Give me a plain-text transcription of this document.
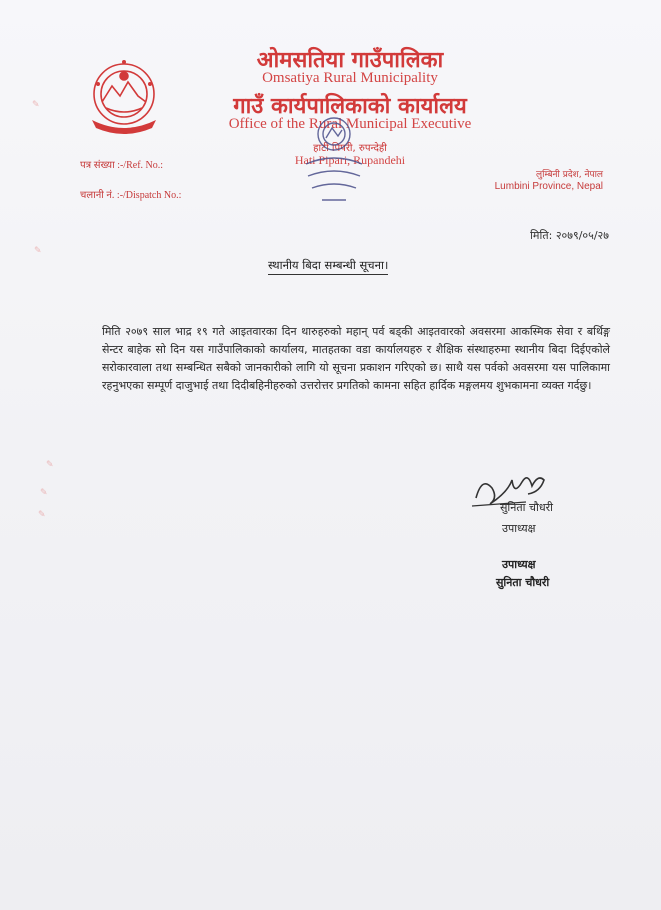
ओमसतिया गाउँपालिका
Omsatiya Rural Municipality
गाउँ कार्यपालिकाको कार्यालय
Office of the Rural Municipal Executive
हाटी पिपरी, रुपन्देही
Hati Pipari, Rupandehi
पत्र संख्या :-/Ref. No.:
चलानी नं. :-/Dispatch No.:
लुम्बिनी प्रदेश, नेपाल
Lumbini Province, Nepal
मिति: २०७९/०५/२७
स्थानीय बिदा सम्बन्धी सूचना।
मिति २०७९ साल भाद्र १९ गते आइतवारका दिन थारुहरुको महान् पर्व बड्की आइतवारको अवसरमा आकस्मिक सेवा र बर्थिङ्ग सेन्टर बाहेक सो दिन यस गाउँपालिकाको कार्यालय, मातहतका वडा कार्यालयहरु र शैक्षिक संस्थाहरुमा स्थानीय बिदा दिईएकोले सरोकारवाला तथा सम्बन्धित सबैको जानकारीको लागि यो सूचना प्रकाशन गरिएको छ। साथै यस पर्वको अवसरमा यस पालिकामा रहनुभएका सम्पूर्ण दाजुभाई तथा दिदीबहिनीहरुको उत्तरोत्तर प्रगतिको कामना सहित हार्दिक मङ्गलमय शुभकामना व्यक्त गर्दछु।
सुनिता चौधरी
उपाध्यक्ष
उपाध्यक्ष
सुनिता चौधरी
✎
✎
✎
✎
✎
